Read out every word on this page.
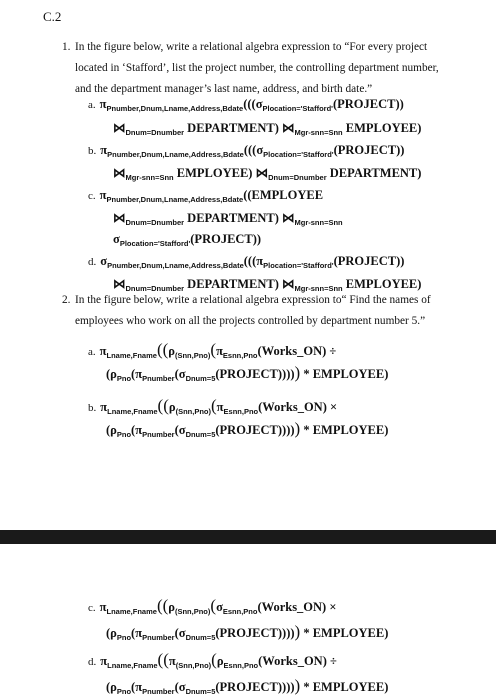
C.2
1. In the figure below, write a relational algebra expression to “For every project
located in ‘Stafford’, list the project number, the controlling department number,
and the department manager’s last name, address, and birth date.”
a. $\pi_{Pnumber,Dnum,Lname,Address,Bdate}(((\sigma_{Plocation='Stafford'}(PROJECT))$
$⋈_{Dnum=Dnumber}$ DEPARTMENT) $⋈_{Mgr-snn=Snn}$ EMPLOYEE)
b. $\pi_{Pnumber,Dnum,Lname,Address,Bdate}(((\sigma_{Plocation='Stafford'}(PROJECT))$
$⋈_{Mgr-snn=Snn}$ EMPLOYEE) $⋈_{Dnum=Dnumber}$ DEPARTMENT)
c. $\pi_{Pnumber,Dnum,Lname,Address,Bdate}((EMPLOYEE$
$⋈_{Dnum=Dnumber}$ DEPARTMENT) $⋈_{Mgr-snn=Snn}$
$\sigma_{Plocation='Stafford'}(PROJECT)$)
d. $\sigma_{Pnumber,Dnum,Lname,Address,Bdate}(((\pi_{Plocation='Stafford'}(PROJECT))$
$⋈_{Dnum=Dnumber}$ DEPARTMENT) $⋈_{Mgr-snn=Snn}$ EMPLOYEE)
2. In the figure below, write a relational algebra expression to“ Find the names of
employees who work on all the projects controlled by department number 5.”
a. $\pi_{Lname,Fname}((\rho_{(Snn,Pno)}(\pi_{Esnn,Pno}(Works\_ON)$ ÷
$(\rho_{Pno}(\pi_{Pnumber}(\sigma_{Dnum=5}(PROJECT))))$) * EMPLOYEE)
b. $\pi_{Lname,Fname}((\rho_{(Snn,Pno)}(\pi_{Esnn,Pno}(Works\_ON)$ ×
$(\rho_{Pno}(\pi_{Pnumber}(\sigma_{Dnum=5}(PROJECT))))$) * EMPLOYEE)
c. $\pi_{Lname,Fname}((\rho_{(Snn,Pno)}(\sigma_{Esnn,Pno}(Works\_ON)$ ×
$(\rho_{Pno}(\pi_{Pnumber}(\sigma_{Dnum=5}(PROJECT))))$) * EMPLOYEE)
d. $\pi_{Lname,Fname}((\pi_{(Snn,Pno)}(\rho_{Esnn,Pno}(Works\_ON)$ ÷
$(\rho_{Pno}(\pi_{Pnumber}(\sigma_{Dnum=5}(PROJECT))))$) * EMPLOYEE)
